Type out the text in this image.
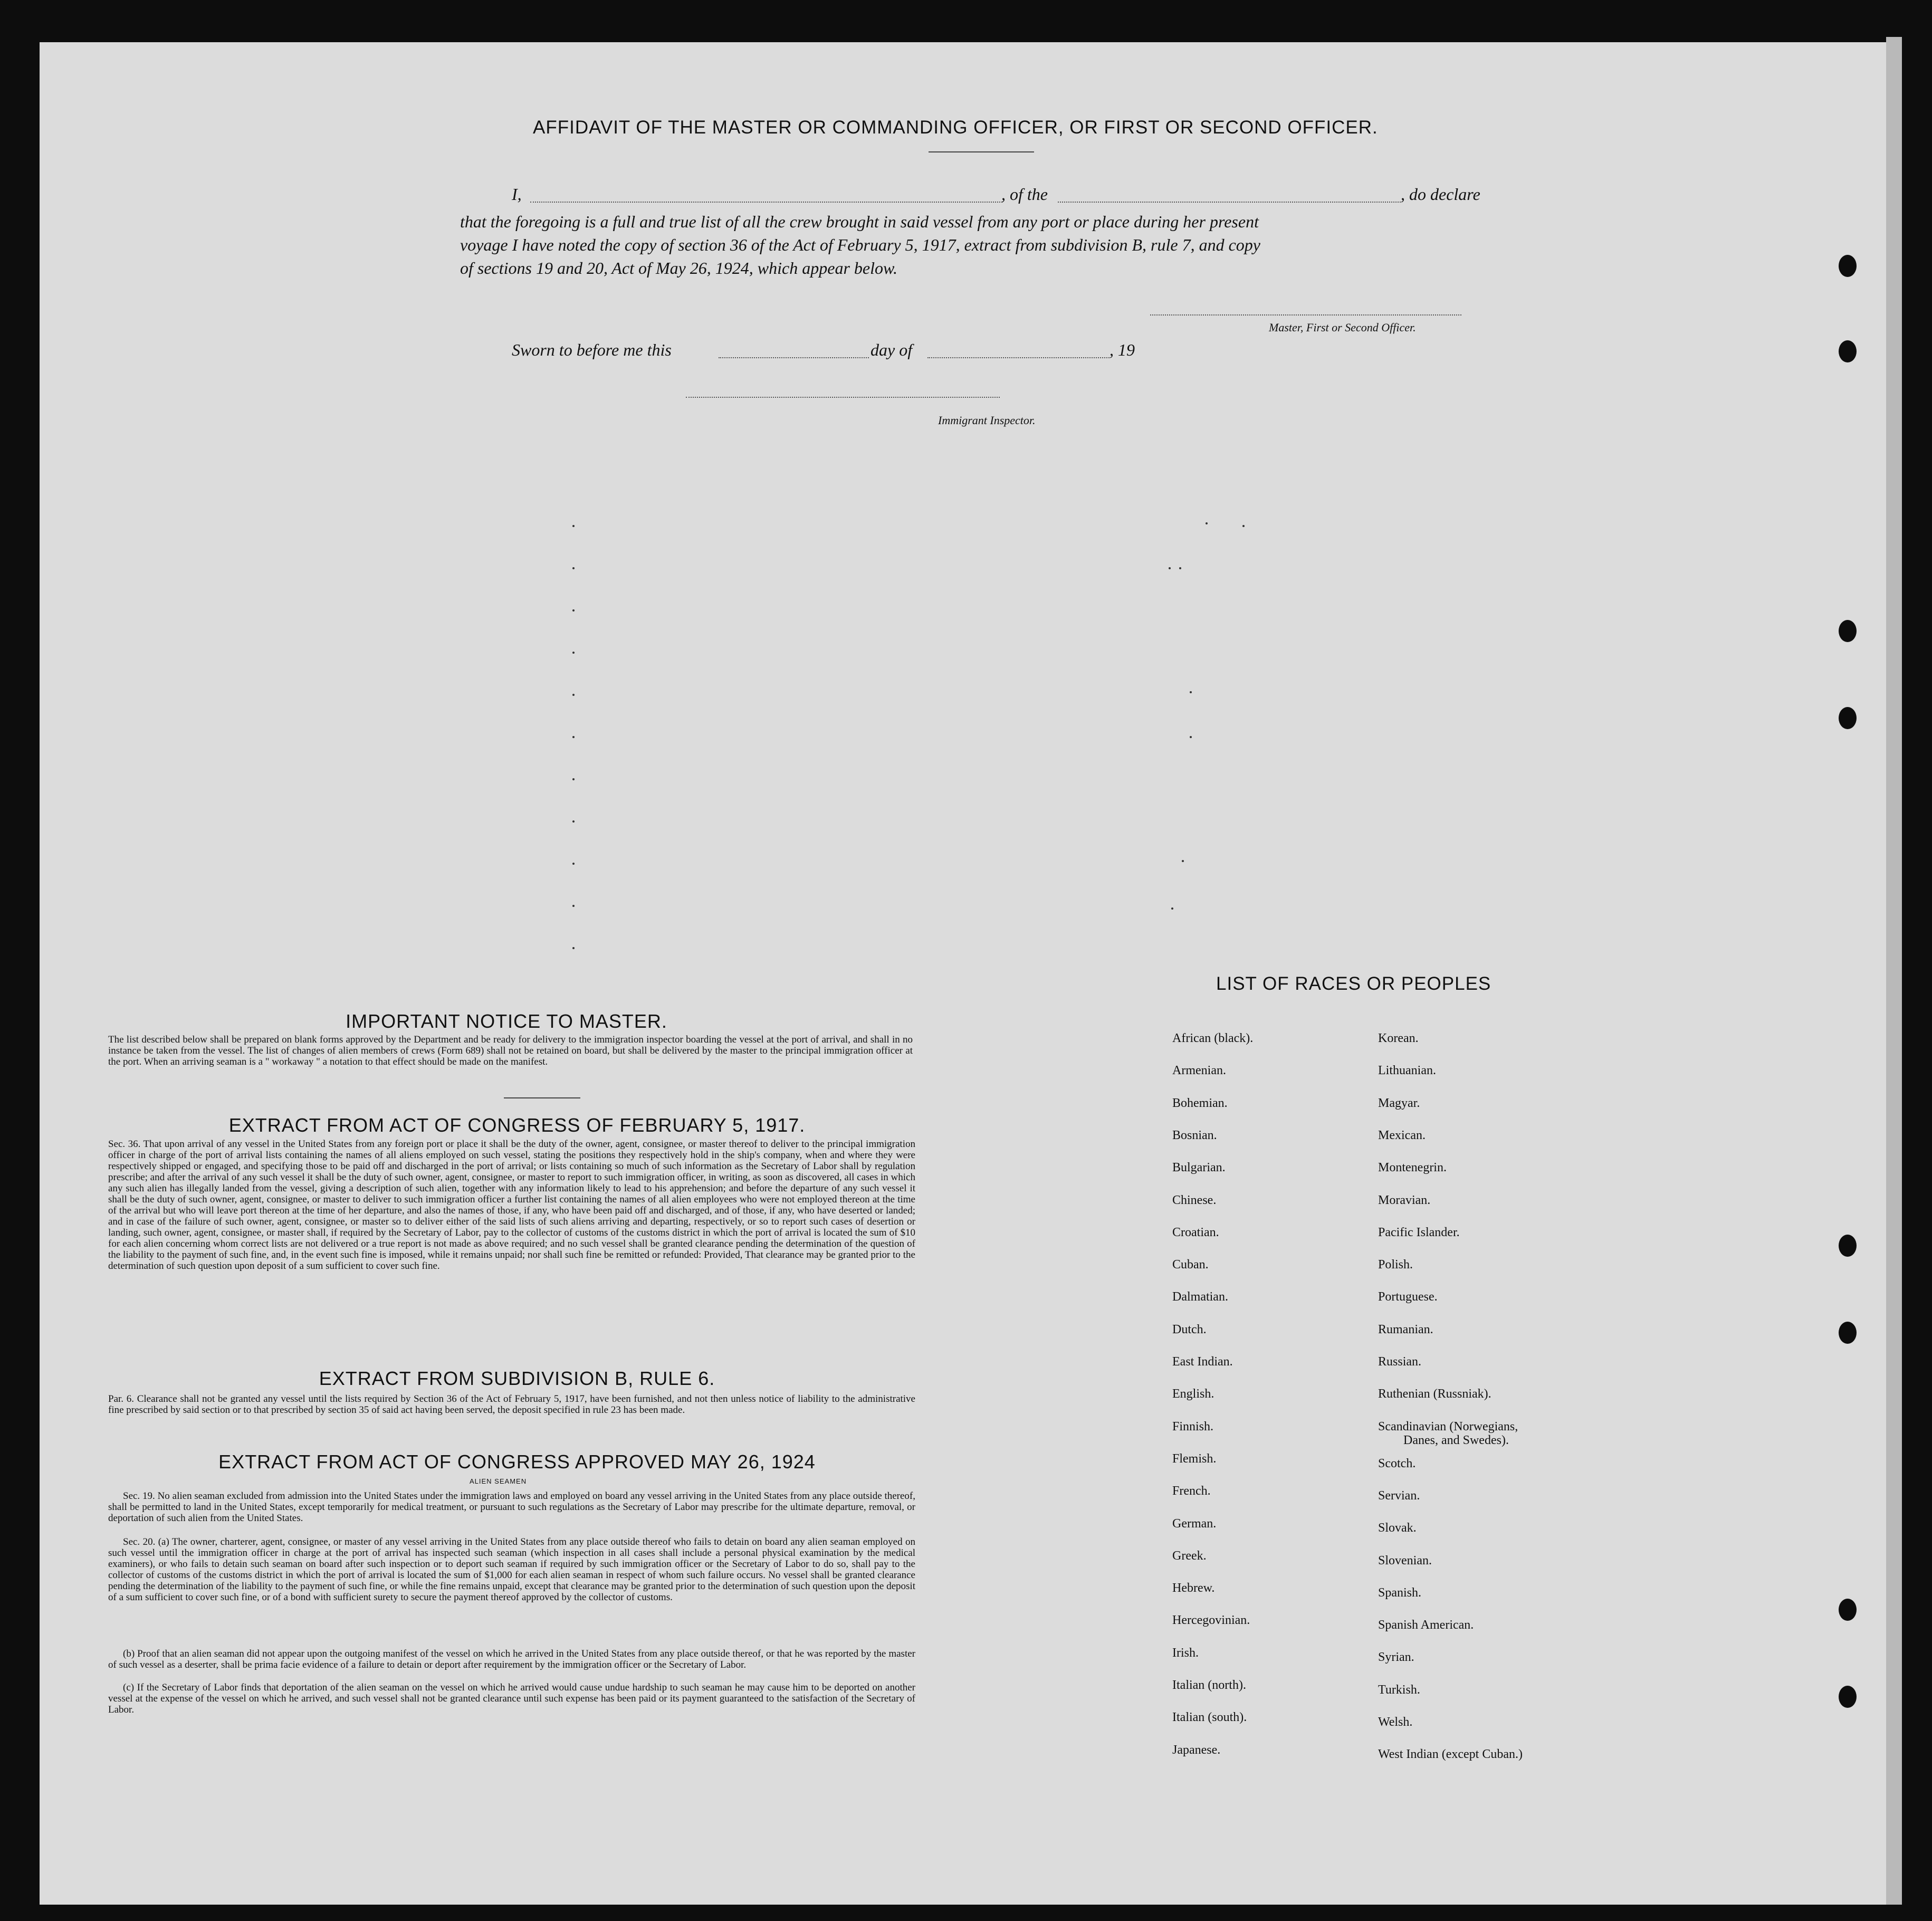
AFFIDAVIT OF THE MASTER OR COMMANDING OFFICER, OR FIRST OR SECOND OFFICER.
I,	, of the	, do declare
that the foregoing is a full and true list of all the crew brought in said vessel from any port or place during her present
voyage I have noted the copy of section 36 of the Act of February 5, 1917, extract from subdivision B, rule 7, and copy
of sections 19 and 20, Act of May 26, 1924, which appear below.
Master, First or Second Officer.
Sworn to before me this	day of	, 19
Immigrant Inspector.
IMPORTANT NOTICE TO MASTER.
The list described below shall be prepared on blank forms approved by the Department and be ready for delivery to the immigration inspector boarding the vessel at the port of arrival, and shall in no instance be taken from the vessel. The list of changes of alien members of crews (Form 689) shall not be retained on board, but shall be delivered by the master to the principal immigration officer at the port. When an arriving seaman is a " workaway " a notation to that effect should be made on the manifest.
EXTRACT FROM ACT OF CONGRESS OF FEBRUARY 5, 1917.
Sec. 36. That upon arrival of any vessel in the United States from any foreign port or place it shall be the duty of the owner, agent, consignee, or master thereof to deliver to the principal immigration officer in charge of the port of arrival lists containing the names of all aliens employed on such vessel, stating the positions they respectively hold in the ship's company, when and where they were respectively shipped or engaged, and specifying those to be paid off and discharged in the port of arrival; or lists containing so much of such information as the Secretary of Labor shall by regulation prescribe; and after the arrival of any such vessel it shall be the duty of such owner, agent, consignee, or master to report to such immigration officer, in writing, as soon as discovered, all cases in which any such alien has illegally landed from the vessel, giving a description of such alien, together with any information likely to lead to his apprehension; and before the departure of any such vessel it shall be the duty of such owner, agent, consignee, or master to deliver to such immigration officer a further list containing the names of all alien employees who were not employed thereon at the time of the arrival but who will leave port thereon at the time of her departure, and also the names of those, if any, who have been paid off and discharged, and of those, if any, who have deserted or landed; and in case of the failure of such owner, agent, consignee, or master so to deliver either of the said lists of such aliens arriving and departing, respectively, or so to report such cases of desertion or landing, such owner, agent, consignee, or master shall, if required by the Secretary of Labor, pay to the collector of customs of the customs district in which the port of arrival is located the sum of $10 for each alien concerning whom correct lists are not delivered or a true report is not made as above required; and no such vessel shall be granted clearance pending the determination of the question of the liability to the payment of such fine, and, in the event such fine is imposed, while it remains unpaid; nor shall such fine be remitted or refunded: Provided, That clearance may be granted prior to the determination of such question upon deposit of a sum sufficient to cover such fine.
EXTRACT FROM SUBDIVISION B, RULE 6.
Par. 6. Clearance shall not be granted any vessel until the lists required by Section 36 of the Act of February 5, 1917, have been furnished, and not then unless notice of liability to the administrative fine prescribed by said section or to that prescribed by section 35 of said act having been served, the deposit specified in rule 23 has been made.
EXTRACT FROM ACT OF CONGRESS APPROVED MAY 26, 1924
ALIEN SEAMEN
Sec. 19. No alien seaman excluded from admission into the United States under the immigration laws and employed on board any vessel arriving in the United States from any place outside thereof, shall be permitted to land in the United States, except temporarily for medical treatment, or pursuant to such regulations as the Secretary of Labor may prescribe for the ultimate departure, removal, or deportation of such alien from the United States.
Sec. 20. (a) The owner, charterer, agent, consignee, or master of any vessel arriving in the United States from any place outside thereof who fails to detain on board any alien seaman employed on such vessel until the immigration officer in charge at the port of arrival has inspected such seaman (which inspection in all cases shall include a personal physical examination by the medical examiners), or who fails to detain such seaman on board after such inspection or to deport such seaman if required by such immigration officer or the Secretary of Labor to do so, shall pay to the collector of customs of the customs district in which the port of arrival is located the sum of $1,000 for each alien seaman in respect of whom such failure occurs. No vessel shall be granted clearance pending the determination of the liability to the payment of such fine, or while the fine remains unpaid, except that clearance may be granted prior to the determination of such question upon the deposit of a sum sufficient to cover such fine, or of a bond with sufficient surety to secure the payment thereof approved by the collector of customs.
(b) Proof that an alien seaman did not appear upon the outgoing manifest of the vessel on which he arrived in the United States from any place outside thereof, or that he was reported by the master of such vessel as a deserter, shall be prima facie evidence of a failure to detain or deport after requirement by the immigration officer or the Secretary of Labor.
(c) If the Secretary of Labor finds that deportation of the alien seaman on the vessel on which he arrived would cause undue hardship to such seaman he may cause him to be deported on another vessel at the expense of the vessel on which he arrived, and such vessel shall not be granted clearance until such expense has been paid or its payment guaranteed to the satisfaction of the Secretary of Labor.
LIST OF RACES OR PEOPLES
African (black).
Armenian.
Bohemian.
Bosnian.
Bulgarian.
Chinese.
Croatian.
Cuban.
Dalmatian.
Dutch.
East Indian.
English.
Finnish.
Flemish.
French.
German.
Greek.
Hebrew.
Hercegovinian.
Irish.
Italian (north).
Italian (south).
Japanese.
Korean.
Lithuanian.
Magyar.
Mexican.
Montenegrin.
Moravian.
Pacific Islander.
Polish.
Portuguese.
Rumanian.
Russian.
Ruthenian (Russniak).
Scandinavian (Norwegians,
Danes, and Swedes).
Scotch.
Servian.
Slovak.
Slovenian.
Spanish.
Spanish American.
Syrian.
Turkish.
Welsh.
West Indian (except Cuban.)
